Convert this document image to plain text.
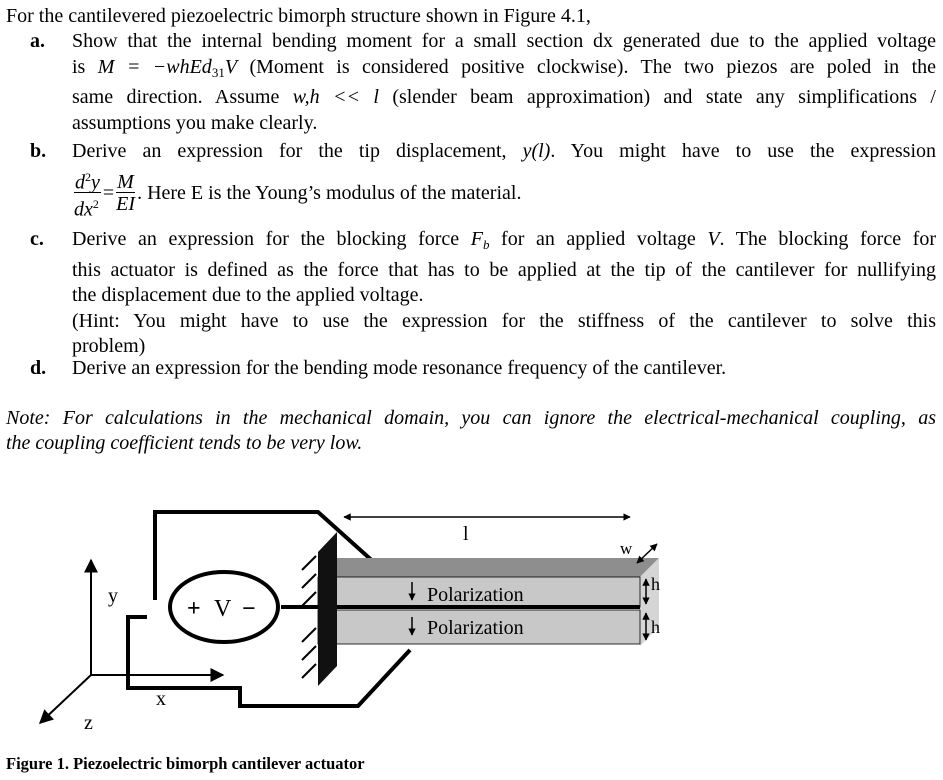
For the cantilevered piezoelectric bimorph structure shown in Figure 4.1,
a.	Show that the internal bending moment for a small section dx generated due to the applied voltage
is M = −whEd$_{31}$V (Moment is considered positive clockwise). The two piezos are poled in the
same direction. Assume w,h << l (slender beam approximation) and state any simplifications /
assumptions you make clearly.
b.	Derive an expression for the tip displacement, y(l). You might have to use the expression
$\frac{d^2y}{dx^2} = \frac{M}{EI}$ . Here E is the Young’s modulus of the material.
c.	Derive an expression for the blocking force $F_b$ for an applied voltage V. The blocking force for
this actuator is defined as the force that has to be applied at the tip of the cantilever for nullifying
the displacement due to the applied voltage.
(Hint: You might have to use the expression for the stiffness of the cantilever to solve this
problem)
d.	Derive an expression for the bending mode resonance frequency of the cantilever.
Note: For calculations in the mechanical domain, you can ignore the electrical-mechanical coupling, as
the coupling coefficient tends to be very low.
y
x
z
+ V −
Polarization
Polarization
l
w
h
h
Figure 1. Piezoelectric bimorph cantilever actuator
